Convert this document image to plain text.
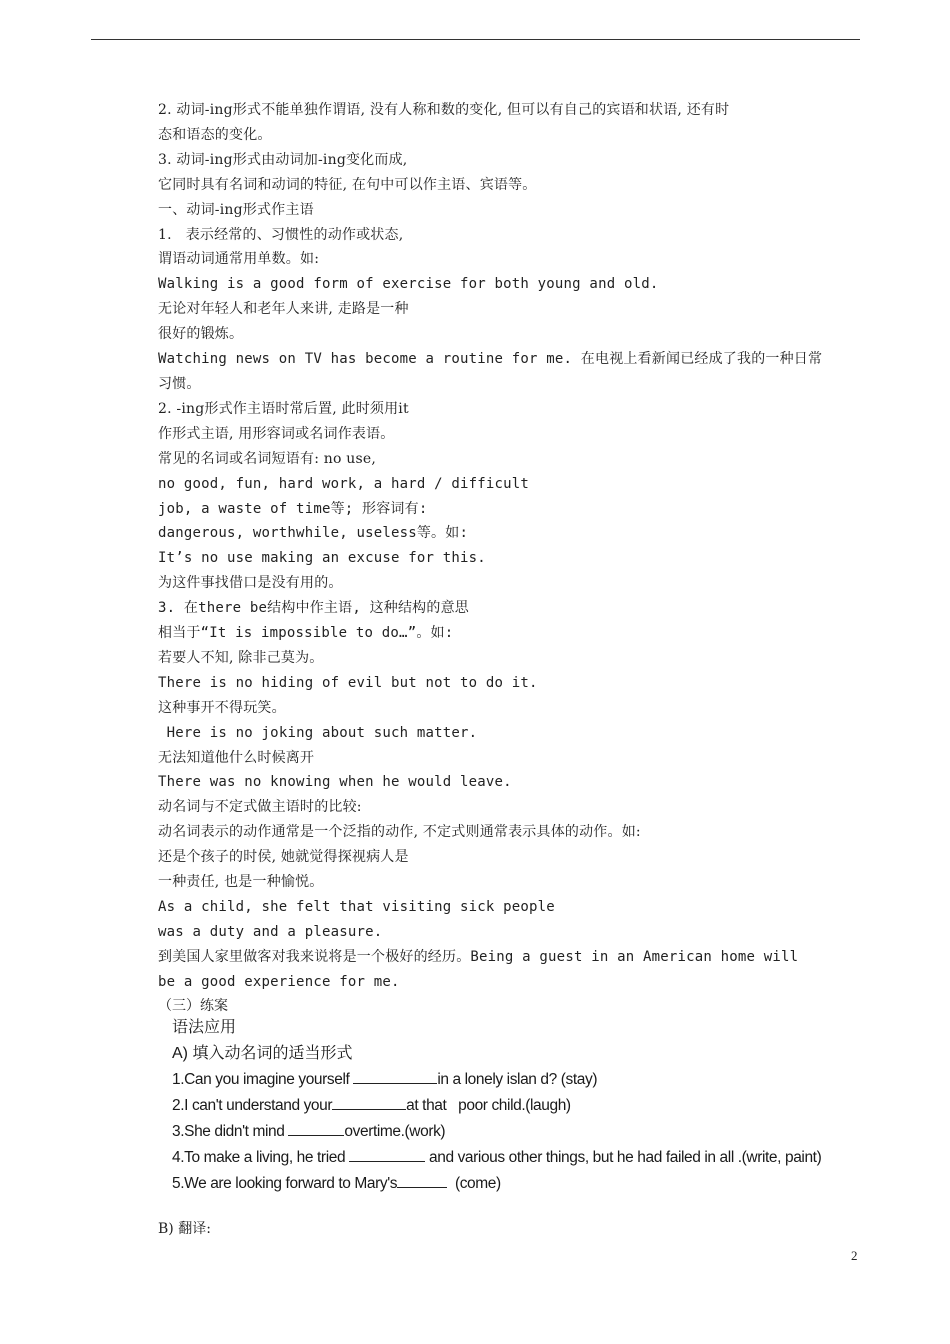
2. 动词-ing形式不能单独作谓语, 没有人称和数的变化, 但可以有自己的宾语和状语, 还有时
态和语态的变化。
3. 动词-ing形式由动词加-ing变化而成,
它同时具有名词和动词的特征, 在句中可以作主语、宾语等。
一、动词-ing形式作主语
1.   表示经常的、习惯性的动作或状态,
谓语动词通常用单数。如:
Walking is a good form of exercise for both young and old.
无论对年轻人和老年人来讲, 走路是一种
很好的锻炼。
Watching news on TV has become a routine for me. 在电视上看新闻已经成了我的一种日常
习惯。
2. -ing形式作主语时常后置, 此时须用it
作形式主语, 用形容词或名词作表语。
常见的名词或名词短语有: no use,
no good, fun, hard work, a hard / difficult
job, a waste of time等; 形容词有:
dangerous, worthwhile, useless等。如:
It’s no use making an excuse for this.
为这件事找借口是没有用的。
3. 在there be结构中作主语, 这种结构的意思
相当于“It is impossible to do…”。如:
若要人不知, 除非己莫为。
There is no hiding of evil but not to do it.
这种事开不得玩笑。
Here is no joking about such matter.
无法知道他什么时候离开
There was no knowing when he would leave.
动名词与不定式做主语时的比较:
动名词表示的动作通常是一个泛指的动作, 不定式则通常表示具体的动作。如:
还是个孩子的时侯, 她就觉得探视病人是
一种责任, 也是一种愉悦。
As a child, she felt that visiting sick people
was a duty and a pleasure.
到美国人家里做客对我来说将是一个极好的经历。Being a guest in an American home will
be a good experience for me.
（三）练案
语法应用
A) 填入动名词的适当形式
1.Can you imagine yourself	in a lonely islan d? (stay)
2.I can't understand your	at that   poor child.(laugh)
3.She didn't mind	overtime.(work)
4.To make a living, he tried	and various other things, but he had failed in all .(write, paint)
5.We are looking forward to Mary's	(come)
B) 翻译:
2
